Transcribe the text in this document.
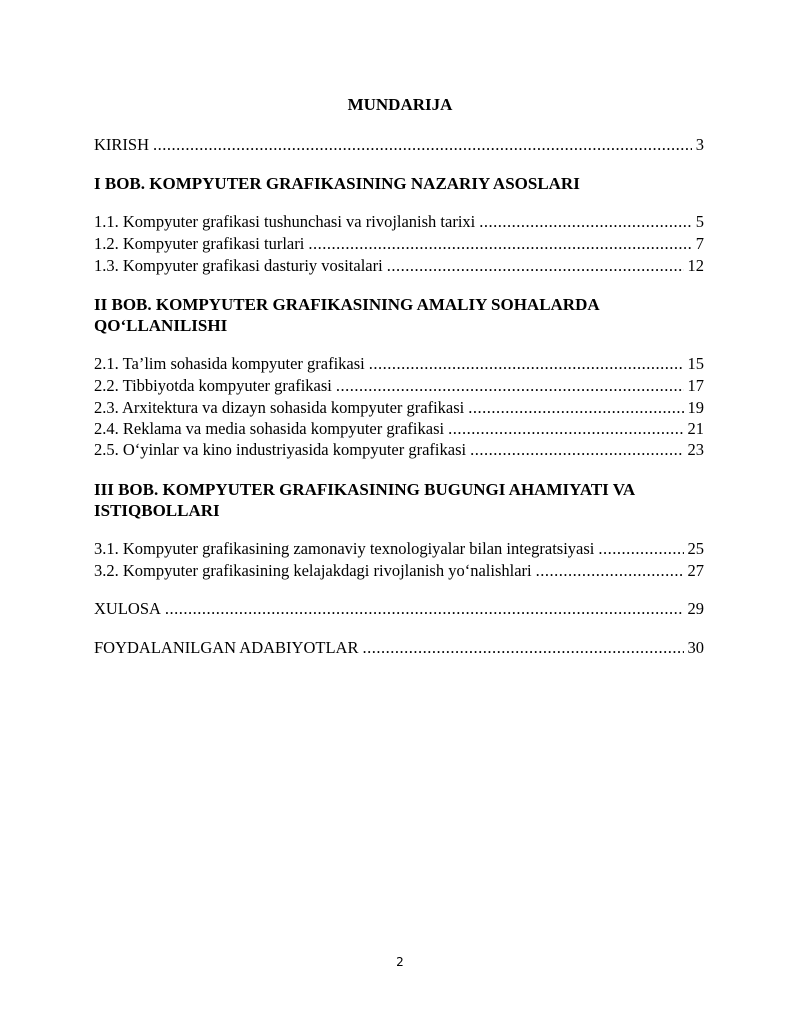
MUNDARIJA
KIRISH .....	3
I BOB. KOMPYUTER GRAFIKASINING NAZARIY ASOSLARI
1.1. Kompyuter grafikasi tushunchasi va rivojlanish tarixi .....	5
1.2. Kompyuter grafikasi turlari .....	7
1.3. Kompyuter grafikasi dasturiy vositalari .....	12
II BOB. KOMPYUTER GRAFIKASINING AMALIY SOHALARDA QO‘LLANILISHI
2.1. Ta’lim sohasida kompyuter grafikasi .....	15
2.2. Tibbiyotda kompyuter grafikasi .....	17
2.3. Arxitektura va dizayn sohasida kompyuter grafikasi .....	19
2.4. Reklama va media sohasida kompyuter grafikasi .....	21
2.5. O‘yinlar va kino industriyasida kompyuter grafikasi .....	23
III BOB. KOMPYUTER GRAFIKASINING BUGUNGI AHAMIYATI VA ISTIQBOLLARI
3.1. Kompyuter grafikasining zamonaviy texnologiyalar bilan integratsiyasi .....	25
3.2. Kompyuter grafikasining kelajakdagi rivojlanish yo‘nalishlari .....	27
XULOSA .....	29
FOYDALANILGAN ADABIYOTLAR .....	30
2
